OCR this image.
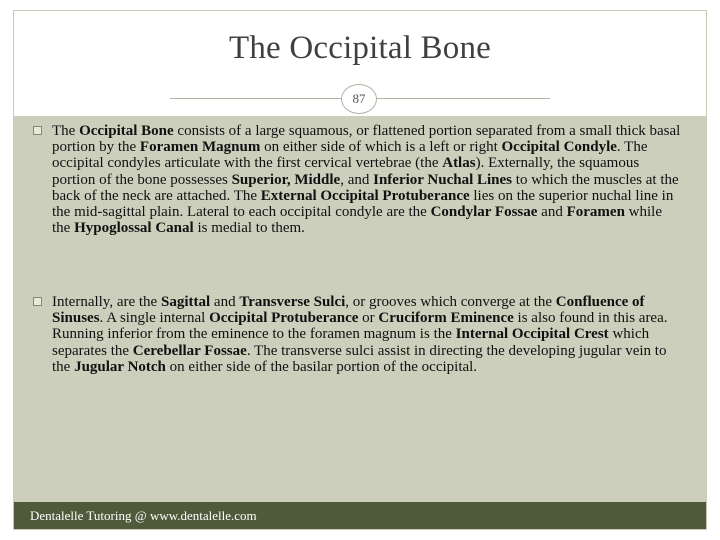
The Occipital Bone
87
The Occipital Bone consists of a large squamous, or flattened portion separated from a small thick basal portion by the Foramen Magnum on either side of which is a left or right Occipital Condyle. The occipital condyles articulate with the first cervical vertebrae (the Atlas). Externally, the squamous portion of the bone possesses Superior, Middle, and Inferior Nuchal Lines to which the muscles at the back of the neck are attached. The External Occipital Protuberance lies on the superior nuchal line in the mid-sagittal plain. Lateral to each occipital condyle are the Condylar Fossae and Foramen while the Hypoglossal Canal is medial to them.
Internally, are the Sagittal and Transverse Sulci, or grooves which converge at the Confluence of Sinuses. A single internal Occipital Protuberance or Cruciform Eminence is also found in this area. Running inferior from the eminence to the foramen magnum is the Internal Occipital Crest which separates the Cerebellar Fossae. The transverse sulci assist in directing the developing jugular vein to the Jugular Notch on either side of the basilar portion of the occipital.
Dentalelle Tutoring @ www.dentalelle.com
